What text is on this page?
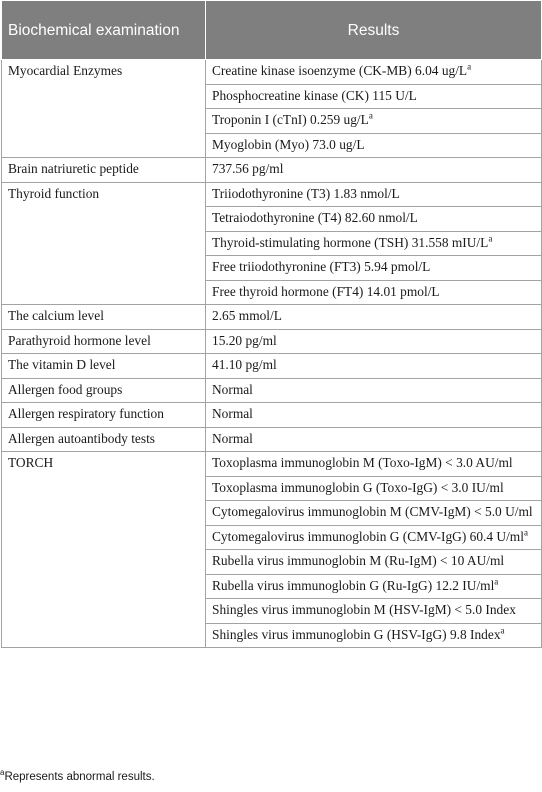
Biochemical examination	Results
Myocardial Enzymes	Creatine kinase isoenzyme (CK-MB) 6.04 $ug/L^a$
	Phosphocreatine kinase (CK) 115 U/L
	Troponin I (cTnI) 0.259 $ug/L^a$
	Myoglobin (Myo) 73.0 ug/L
Brain natriuretic peptide	737.56 pg/ml
Thyroid function	Triiodothyronine (T3) 1.83 nmol/L
	Tetraiodothyronine (T4) 82.60 nmol/L
	Thyroid-stimulating hormone (TSH) 31.558 mIU/$L^a$
	Free triiodothyronine (FT3) 5.94 pmol/L
	Free thyroid hormone (FT4) 14.01 pmol/L
The calcium level	2.65 mmol/L
Parathyroid hormone level	15.20 pg/ml
The vitamin D level	41.10 pg/ml
Allergen food groups	Normal
Allergen respiratory function	Normal
Allergen autoantibody tests	Normal
TORCH	Toxoplasma immunoglobin M (Toxo-IgM) < 3.0 AU/ml
	Toxoplasma immunoglobin G (Toxo-IgG) < 3.0 IU/ml
	Cytomegalovirus immunoglobin M (CMV-IgM) < 5.0 U/ml
	Cytomegalovirus immunoglobin G (CMV-IgG) 60.4 $U/ml^a$
	Rubella virus immunoglobin M (Ru-IgM) < 10 AU/ml
	Rubella virus immunoglobin G (Ru-IgG) 12.2 $IU/ml^a$
	Shingles virus immunoglobin M (HSV-IgM) < 5.0 Index
	Shingles virus immunoglobin G (HSV-IgG) 9.8 Index$^a$
$^a$Represents abnormal results.
